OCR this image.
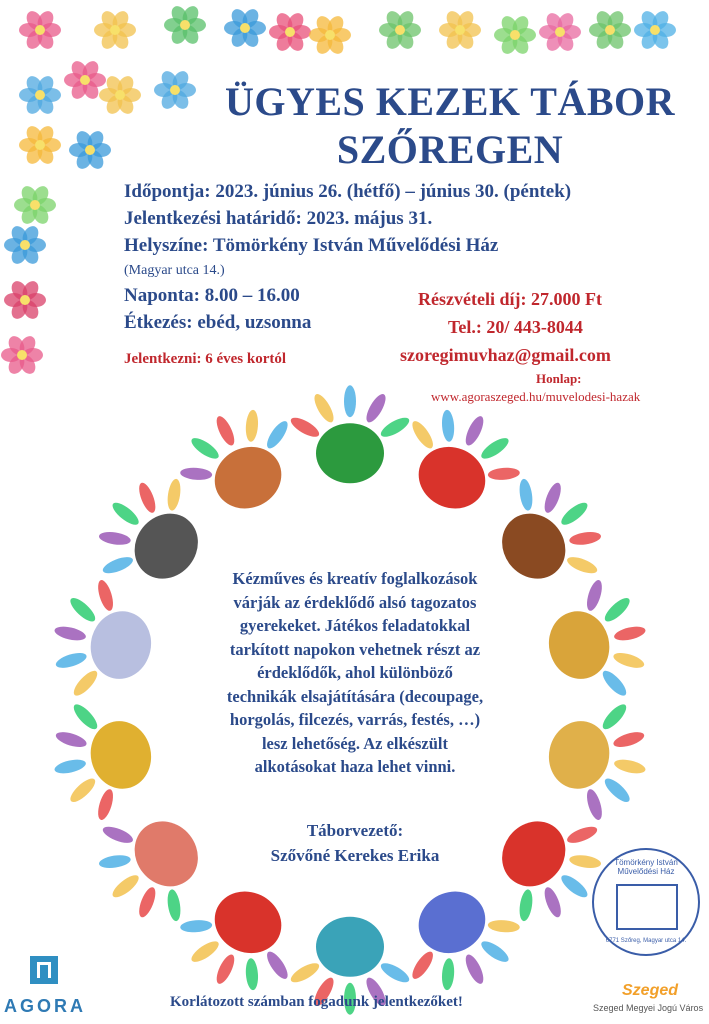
ÜGYES KEZEK TÁBOR
SZŐREGEN
Időpontja: 2023. június 26. (hétfő) – június 30. (péntek)
Jelentkezési határidő: 2023. május 31.
Helyszíne: Tömörkény István Művelődési Ház
(Magyar utca 14.)
Naponta: 8.00 – 16.00
Étkezés: ebéd, uzsonna
Jelentkezni: 6 éves kortól
Részvételi díj: 27.000 Ft
Tel.: 20/ 443-8044
szoregimuvhaz@gmail.com
Honlap:
www.agoraszeged.hu/muvelodesi-hazak
Kézműves és kreatív foglalkozások
várják az érdeklődő alsó tagozatos
gyerekeket. Játékos feladatokkal
tarkított napokon vehetnek részt az
érdeklődők, ahol különböző
technikák elsajátítására (decoupage,
horgolás, filcezés, varrás, festés, …)
lesz lehetőség. Az elkészült
alkotásokat haza lehet vinni.
Táborvezető:
Szővőné Kerekes Erika
Korlátozott számban fogadunk jelentkezőket!
AGORA
Tömörkény István Művelődési Ház
6771 Szőreg, Magyar utca 14.
Szeged
Szeged Megyei Jogú Város
